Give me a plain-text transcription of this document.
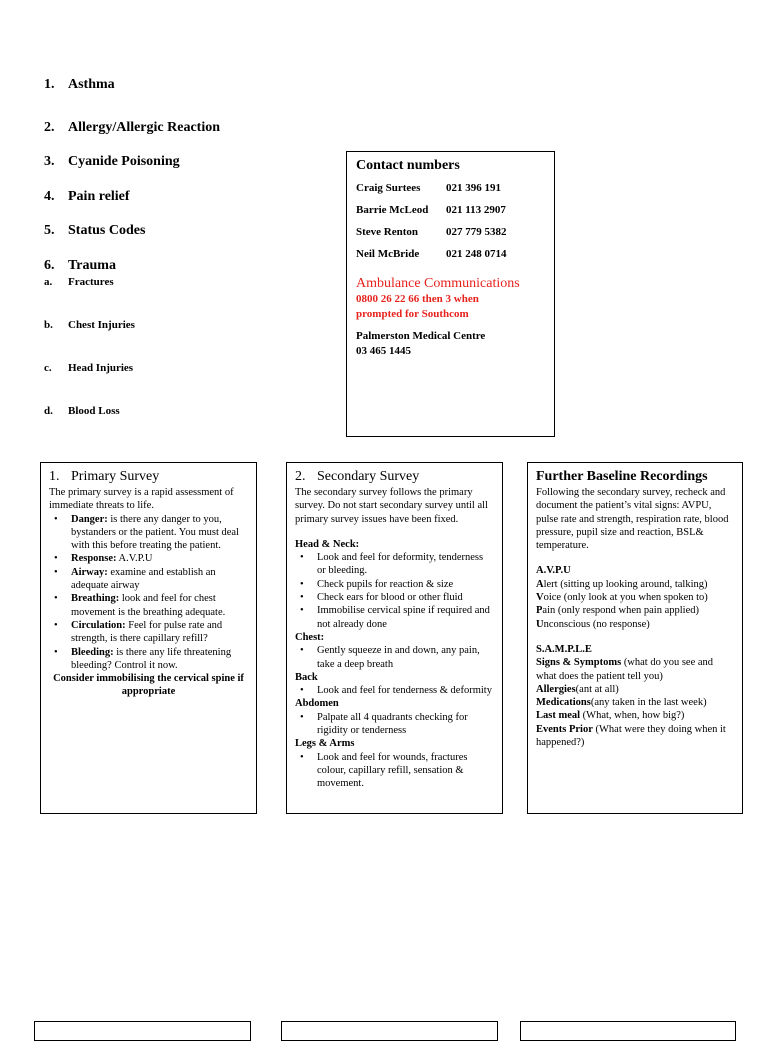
1. Asthma
2. Allergy/Allergic Reaction
3. Cyanide Poisoning
4. Pain relief
5. Status Codes
6. Trauma
a. Fractures
b. Chest Injuries
c. Head Injuries
d. Blood Loss
Contact numbers
Craig Surtees	021 396 191
Barrie McLeod	021 113 2907
Steve Renton	027 779 5382
Neil McBride	021 248 0714
Ambulance Communications
0800 26 22 66 then 3 when
prompted for Southcom
Palmerston Medical Centre
03 465 1445
1. Primary Survey
The primary survey is a rapid assessment of immediate threats to life.
• Danger: is there any danger to you, bystanders or the patient. You must deal with this before treating the patient.
• Response: A.V.P.U
• Airway: examine and establish an adequate airway
• Breathing: look and feel for chest movement is the breathing adequate.
• Circulation: Feel for pulse rate and strength, is there capillary refill?
• Bleeding: is there any life threatening bleeding? Control it now.
Consider immobilising the cervical spine if appropriate
2. Secondary Survey
The secondary survey follows the primary survey. Do not start secondary survey until all primary survey issues have been fixed.
Head & Neck:
• Look and feel for deformity, tenderness or bleeding.
• Check pupils for reaction & size
• Check ears for blood or other fluid
• Immobilise cervical spine if required and not already done
Chest:
• Gently squeeze in and down, any pain, take a deep breath
Back
• Look and feel for tenderness & deformity
Abdomen
• Palpate all 4 quadrants checking for rigidity or tenderness
Legs & Arms
• Look and feel for wounds, fractures colour, capillary refill, sensation & movement.
Further Baseline Recordings
Following the secondary survey, recheck and document the patient’s vital signs: AVPU, pulse rate and strength, respiration rate, blood pressure, pupil size and reaction, BSL& temperature.
A.V.P.U
Alert (sitting up looking around, talking)
Voice (only look at you when spoken to)
Pain (only respond when pain applied)
Unconscious (no response)
S.A.M.P.L.E
Signs & Symptoms (what do you see and what does the patient tell you)
Allergies(ant at all)
Medications(any taken in the last week)
Last meal (What, when, how big?)
Events Prior (What were they doing when it happened?)
